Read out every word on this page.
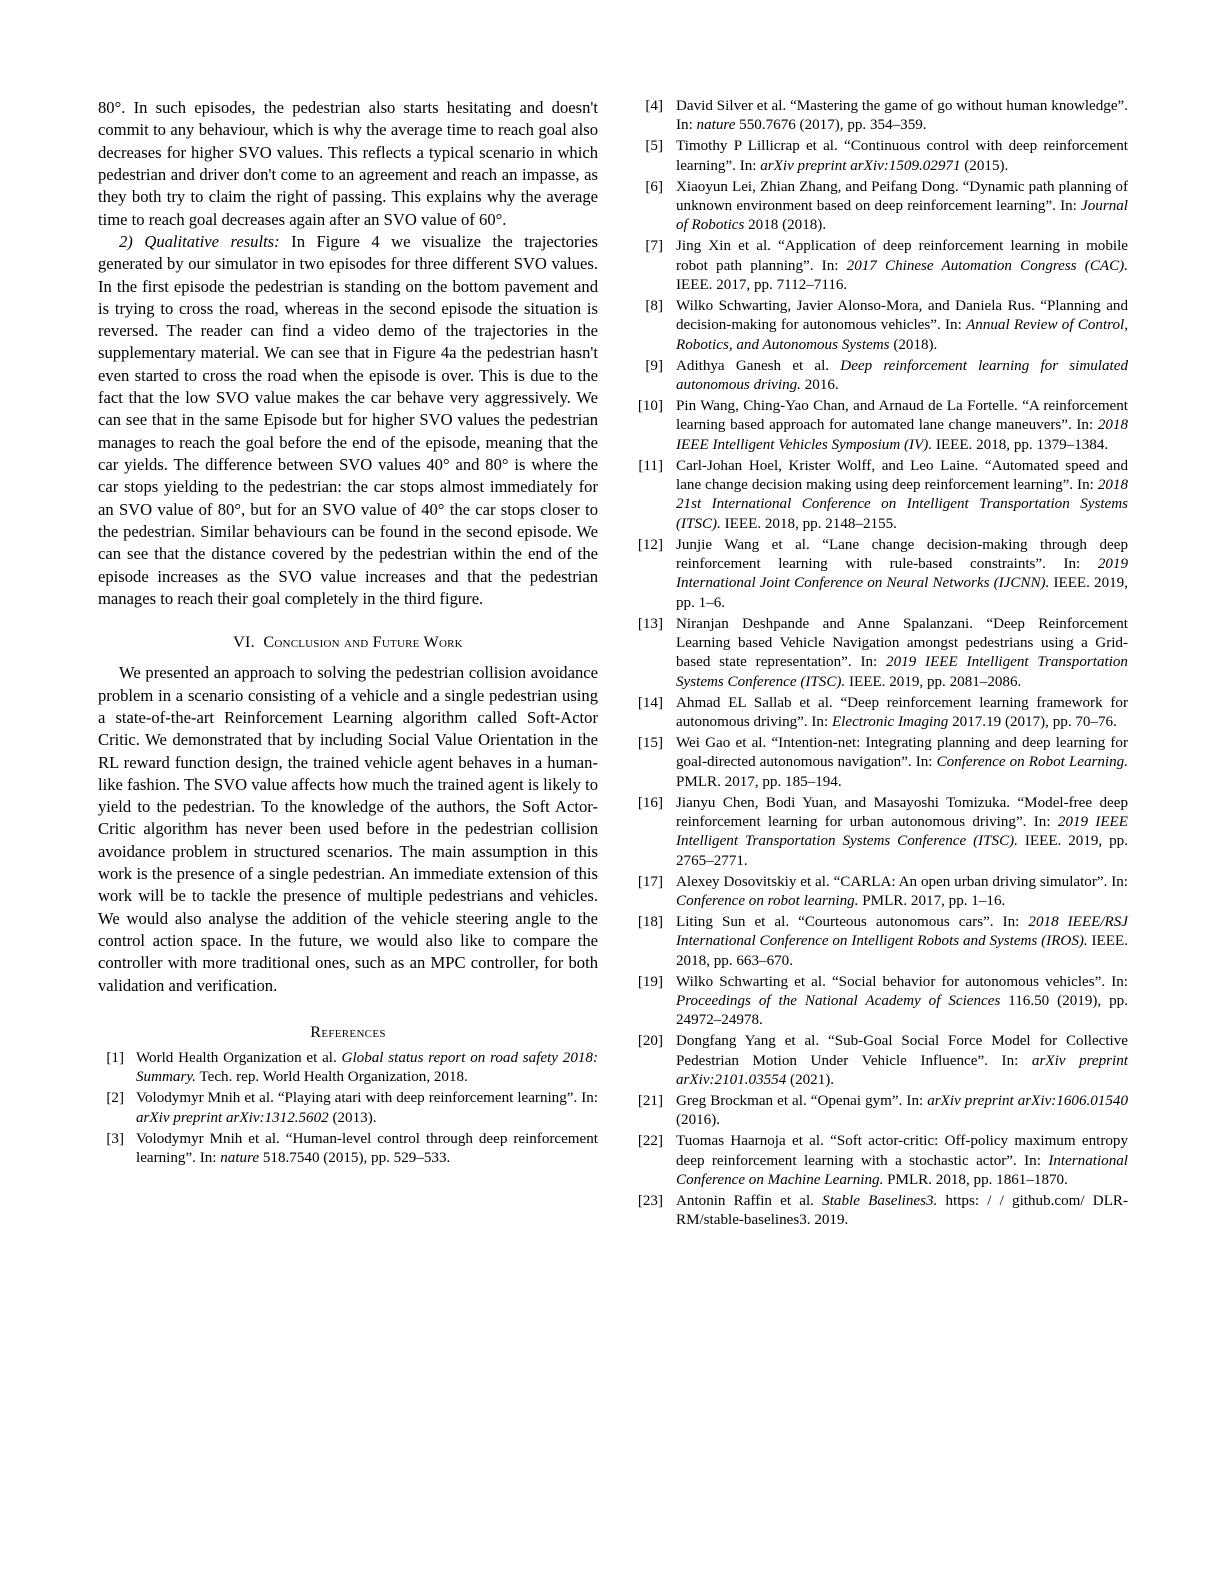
80°. In such episodes, the pedestrian also starts hesitating and doesn't commit to any behaviour, which is why the average time to reach goal also decreases for higher SVO values. This reflects a typical scenario in which pedestrian and driver don't come to an agreement and reach an impasse, as they both try to claim the right of passing. This explains why the average time to reach goal decreases again after an SVO value of 60°.

2) Qualitative results: In Figure 4 we visualize the trajectories generated by our simulator in two episodes for three different SVO values. In the first episode the pedestrian is standing on the bottom pavement and is trying to cross the road, whereas in the second episode the situation is reversed. The reader can find a video demo of the trajectories in the supplementary material. We can see that in Figure 4a the pedestrian hasn't even started to cross the road when the episode is over. This is due to the fact that the low SVO value makes the car behave very aggressively. We can see that in the same Episode but for higher SVO values the pedestrian manages to reach the goal before the end of the episode, meaning that the car yields. The difference between SVO values 40° and 80° is where the car stops yielding to the pedestrian: the car stops almost immediately for an SVO value of 80°, but for an SVO value of 40° the car stops closer to the pedestrian. Similar behaviours can be found in the second episode. We can see that the distance covered by the pedestrian within the end of the episode increases as the SVO value increases and that the pedestrian manages to reach their goal completely in the third figure.

VI. Conclusion and Future Work

We presented an approach to solving the pedestrian collision avoidance problem in a scenario consisting of a vehicle and a single pedestrian using a state-of-the-art Reinforcement Learning algorithm called Soft-Actor Critic. We demonstrated that by including Social Value Orientation in the RL reward function design, the trained vehicle agent behaves in a human-like fashion. The SVO value affects how much the trained agent is likely to yield to the pedestrian. To the knowledge of the authors, the Soft Actor-Critic algorithm has never been used before in the pedestrian collision avoidance problem in structured scenarios. The main assumption in this work is the presence of a single pedestrian. An immediate extension of this work will be to tackle the presence of multiple pedestrians and vehicles. We would also analyse the addition of the vehicle steering angle to the control action space. In the future, we would also like to compare the controller with more traditional ones, such as an MPC controller, for both validation and verification.

References
[1] World Health Organization et al. Global status report on road safety 2018: Summary. Tech. rep. World Health Organization, 2018.
[2] Volodymyr Mnih et al. “Playing atari with deep reinforcement learning”. In: arXiv preprint arXiv:1312.5602 (2013).
[3] Volodymyr Mnih et al. “Human-level control through deep reinforcement learning”. In: nature 518.7540 (2015), pp. 529–533.
[4] David Silver et al. “Mastering the game of go without human knowledge”. In: nature 550.7676 (2017), pp. 354–359.
[5] Timothy P Lillicrap et al. “Continuous control with deep reinforcement learning”. In: arXiv preprint arXiv:1509.02971 (2015).
[6] Xiaoyun Lei, Zhian Zhang, and Peifang Dong. “Dynamic path planning of unknown environment based on deep reinforcement learning”. In: Journal of Robotics 2018 (2018).
[7] Jing Xin et al. “Application of deep reinforcement learning in mobile robot path planning”. In: 2017 Chinese Automation Congress (CAC). IEEE. 2017, pp. 7112–7116.
[8] Wilko Schwarting, Javier Alonso-Mora, and Daniela Rus. “Planning and decision-making for autonomous vehicles”. In: Annual Review of Control, Robotics, and Autonomous Systems (2018).
[9] Adithya Ganesh et al. Deep reinforcement learning for simulated autonomous driving. 2016.
[10] Pin Wang, Ching-Yao Chan, and Arnaud de La Fortelle. “A reinforcement learning based approach for automated lane change maneuvers”. In: 2018 IEEE Intelligent Vehicles Symposium (IV). IEEE. 2018, pp. 1379–1384.
[11] Carl-Johan Hoel, Krister Wolff, and Leo Laine. “Automated speed and lane change decision making using deep reinforcement learning”. In: 2018 21st International Conference on Intelligent Transportation Systems (ITSC). IEEE. 2018, pp. 2148–2155.
[12] Junjie Wang et al. “Lane change decision-making through deep reinforcement learning with rule-based constraints”. In: 2019 International Joint Conference on Neural Networks (IJCNN). IEEE. 2019, pp. 1–6.
[13] Niranjan Deshpande and Anne Spalanzani. “Deep Reinforcement Learning based Vehicle Navigation amongst pedestrians using a Grid-based state representation”. In: 2019 IEEE Intelligent Transportation Systems Conference (ITSC). IEEE. 2019, pp. 2081–2086.
[14] Ahmad EL Sallab et al. “Deep reinforcement learning framework for autonomous driving”. In: Electronic Imaging 2017.19 (2017), pp. 70–76.
[15] Wei Gao et al. “Intention-net: Integrating planning and deep learning for goal-directed autonomous navigation”. In: Conference on Robot Learning. PMLR. 2017, pp. 185–194.
[16] Jianyu Chen, Bodi Yuan, and Masayoshi Tomizuka. “Model-free deep reinforcement learning for urban autonomous driving”. In: 2019 IEEE Intelligent Transportation Systems Conference (ITSC). IEEE. 2019, pp. 2765–2771.
[17] Alexey Dosovitskiy et al. “CARLA: An open urban driving simulator”. In: Conference on robot learning. PMLR. 2017, pp. 1–16.
[18] Liting Sun et al. “Courteous autonomous cars”. In: 2018 IEEE/RSJ International Conference on Intelligent Robots and Systems (IROS). IEEE. 2018, pp. 663–670.
[19] Wilko Schwarting et al. “Social behavior for autonomous vehicles”. In: Proceedings of the National Academy of Sciences 116.50 (2019), pp. 24972–24978.
[20] Dongfang Yang et al. “Sub-Goal Social Force Model for Collective Pedestrian Motion Under Vehicle Influence”. In: arXiv preprint arXiv:2101.03554 (2021).
[21] Greg Brockman et al. “Openai gym”. In: arXiv preprint arXiv:1606.01540 (2016).
[22] Tuomas Haarnoja et al. “Soft actor-critic: Off-policy maximum entropy deep reinforcement learning with a stochastic actor”. In: International Conference on Machine Learning. PMLR. 2018, pp. 1861–1870.
[23] Antonin Raffin et al. Stable Baselines3. https: / / github.com/ DLR-RM/stable-baselines3. 2019.
